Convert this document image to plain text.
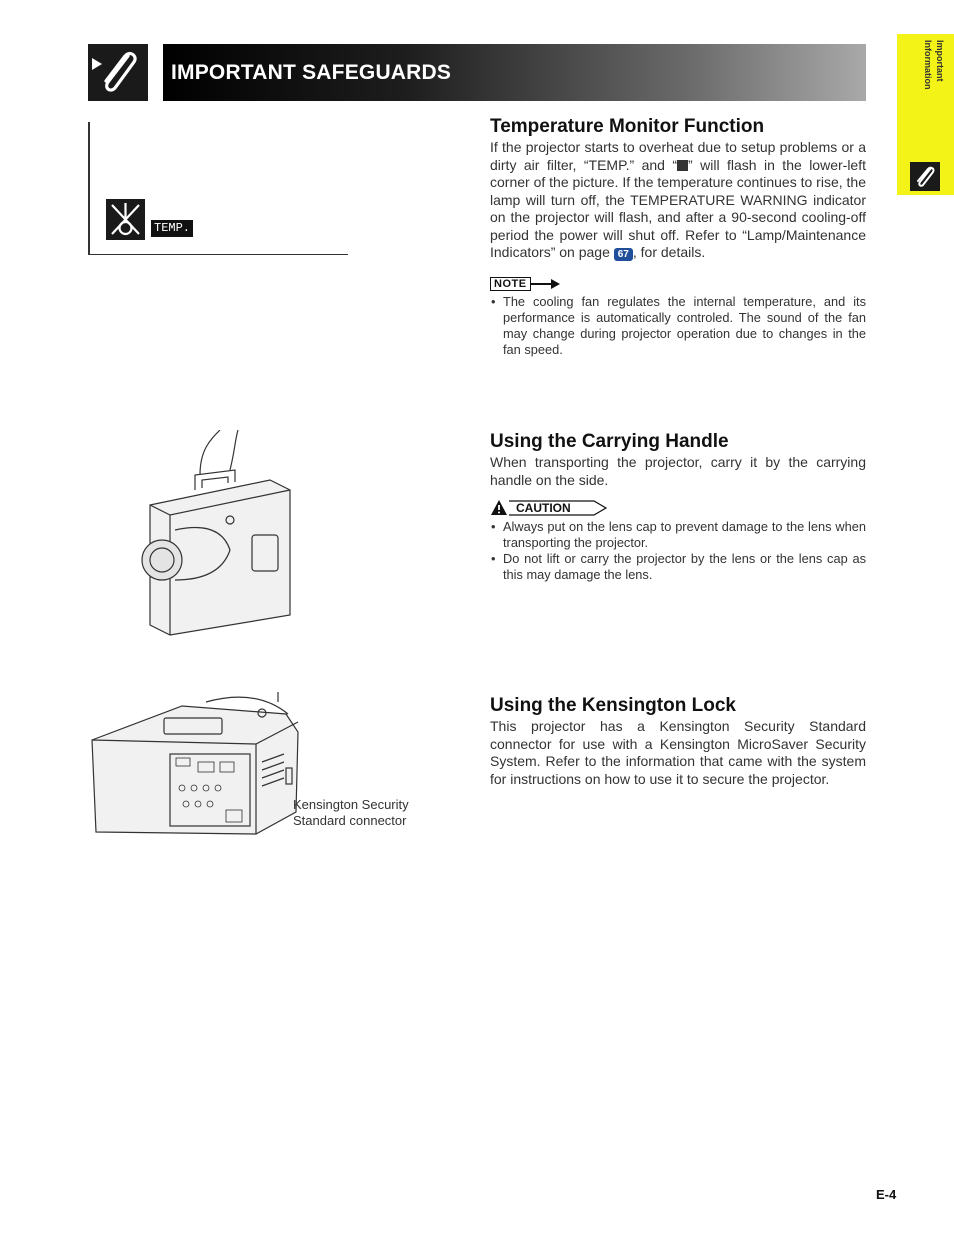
IMPORTANT SAFEGUARDS	Important
Information
TEMP.
Temperature Monitor Function
If the projector starts to overheat due to setup problems or a dirty air filter, “TEMP.” and “ ” will flash in the lower-left corner of the picture. If the temperature continues to rise, the lamp will turn off, the TEMPERATURE WARNING indicator on the projector will flash, and after a 90-second cooling-off period the power will shut off. Refer to “Lamp/Maintenance Indicators” on page 67 , for details.
NOTE
• The cooling fan regulates the internal temperature, and its performance is automatically controled. The sound of the fan may change during projector operation due to changes in the fan speed.
Using the Carrying Handle
When transporting the projector, carry it by the carrying handle on the side.
CAUTION
• Always put on the lens cap to prevent damage to the lens when transporting the projector.
• Do not lift or carry the projector by the lens or the lens cap as this may damage the lens.
Using the Kensington Lock
This projector has a Kensington Security Standard connector for use with a Kensington MicroSaver Security System. Refer to the information that came with the system for instructions on how to use it to secure the projector.
Kensington Security
Standard connector
E-4
